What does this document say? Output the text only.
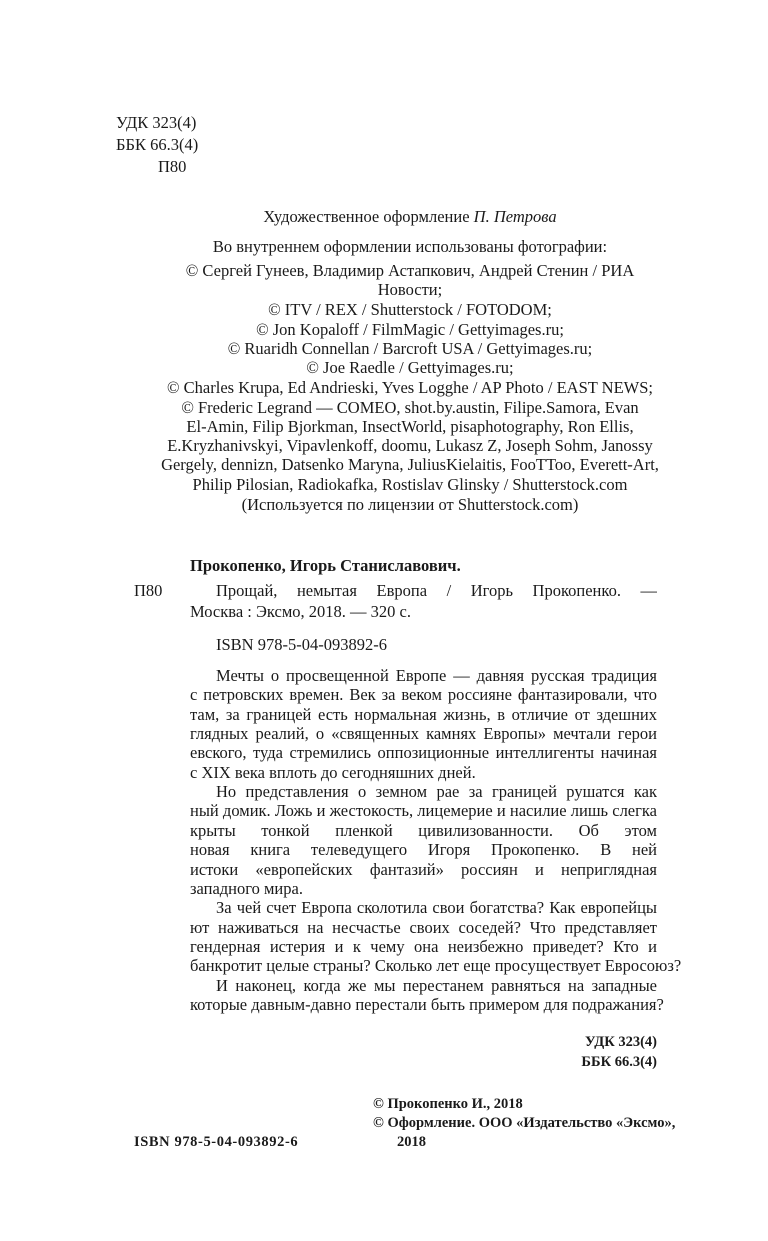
УДК 323(4)
ББК 66.3(4)
П80
Художественное оформление П. Петрова
Во внутреннем оформлении использованы фотографии:
© Сергей Гунеев, Владимир Астапкович, Андрей Стенин / РИА
Новости;
© ITV / REX / Shutterstock / FOTODOM;
© Jon Kopaloff / FilmMagic / Gettyimages.ru;
© Ruaridh Connellan / Barcroft USA / Gettyimages.ru;
© Joe Raedle / Gettyimages.ru;
© Charles Krupa, Ed Andrieski, Yves Logghe / AP Photo / EAST NEWS;
© Frederic Legrand — COMEO, shot.by.austin, Filipe.Samora, Evan
El-Amin, Filip Bjorkman, InsectWorld, pisaphotography, Ron Ellis,
E.Kryzhanivskyi, Vipavlenkoff, doomu, Lukasz Z, Joseph Sohm, Janossy
Gergely, dennizn, Datsenko Maryna, JuliusKielaitis, FooTToo, Everett-Art,
Philip Pilosian, Radiokafka, Rostislav Glinsky / Shutterstock.com
(Используется по лицензии от Shutterstock.com)
Прокопенко, Игорь Станиславович.
П80	Прощай, немытая Европа / Игорь Прокопенко. —
Москва : Эксмо, 2018. — 320 с.
ISBN 978-5-04-093892-6
Мечты о просвещенной Европе — давняя русская традиция
с петровских времен. Век за веком россияне фантазировали, что
там, за границей есть нормальная жизнь, в отличие от здешних
глядных реалий, о «священных камнях Европы» мечтали герои
евского, туда стремились оппозиционные интеллигенты начиная
с XIX века вплоть до сегодняшних дней.
Но представления о земном рае за границей рушатся как
ный домик. Ложь и жестокость, лицемерие и насилие лишь слегка
крыты тонкой пленкой цивилизованности. Об этом
новая книга телеведущего Игоря Прокопенко. В ней
истоки «европейских фантазий» россиян и неприглядная
западного мира.
За чей счет Европа сколотила свои богатства? Как европейцы
ют наживаться на несчастье своих соседей? Что представляет
гендерная истерия и к чему она неизбежно приведет? Кто и
банкротит целые страны? Сколько лет еще просуществует Евросоюз?
И наконец, когда же мы перестанем равняться на западные
которые давным-давно перестали быть примером для подражания?
УДК 323(4)
ББК 66.3(4)
© Прокопенко И., 2018
© Оформление. ООО «Издательство «Эксмо»,
2018
ISBN 978-5-04-093892-6
